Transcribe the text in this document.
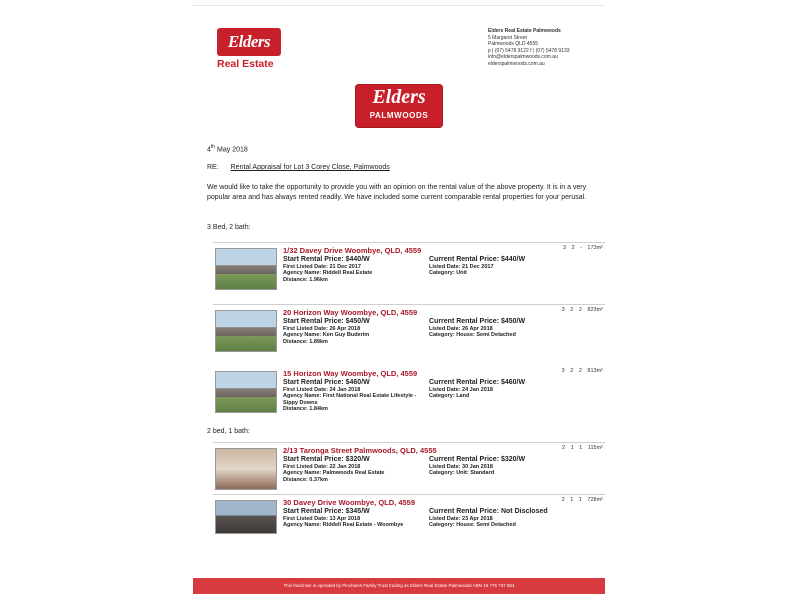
Elders
Real Estate
Elders Real Estate Palmwoods
5 Margaret Street
Palmwoods QLD 4555
p | (07) 5478 9122 f | (07) 5478 9133
info@elderspalmwoods.com.au
elderspalmwoods.com.au
Elders
PALMWOODS
4th May 2018
RE: Rental Appraisal for Lot 3 Corey Close, Palmwoods
We would like to take the opportunity to provide you with an opinion on the rental value of the above property. It is in a very popular area and has always rented readily. We have included some current comparable rental properties for your perusal.
3 Bed, 2 bath:
1/32 Davey Drive Woombye, QLD, 4559	3 2 - 173m²
Start Rental Price: $440/W
First Listed Date: 21 Dec 2017
Agency Name: Riddell Real Estate
Distance: 1.96km
Current Rental Price: $440/W
Listed Date: 21 Dec 2017
Category: Unit
20 Horizon Way Woombye, QLD, 4559	3 2 2 823m²
Start Rental Price: $450/W
First Listed Date: 26 Apr 2018
Agency Name: Ken Guy Buderim
Distance: 1.89km
Current Rental Price: $450/W
Listed Date: 26 Apr 2018
Category: House: Semi Detached
15 Horizon Way Woombye, QLD, 4559	3 2 2 813m²
Start Rental Price: $460/W
First Listed Date: 24 Jan 2018
Agency Name: First National Real Estate Lifestyle - Sippy Downs
Distance: 1.84km
Current Rental Price: $460/W
Listed Date: 24 Jan 2018
Category: Land
2 bed, 1 bath:
2/13 Taronga Street Palmwoods, QLD, 4555	2 1 1 115m²
Start Rental Price: $320/W
First Listed Date: 22 Jan 2018
Agency Name: Palmwoods Real Estate
Distance: 0.37km
Current Rental Price: $320/W
Listed Date: 30 Jan 2018
Category: Unit: Standard
30 Davey Drive Woombye, QLD, 4559	2 1 1 728m²
Start Rental Price: $345/W
First Listed Date: 13 Apr 2018
Agency Name: Riddell Real Estate - Woombye
Current Rental Price: Not Disclosed
Listed Date: 23 Apr 2018
Category: House: Semi Detached
This franchise is operated by Pinchams Family Trust trading as Elders Real Estate Palmwoods ABN 16 776 737 554
